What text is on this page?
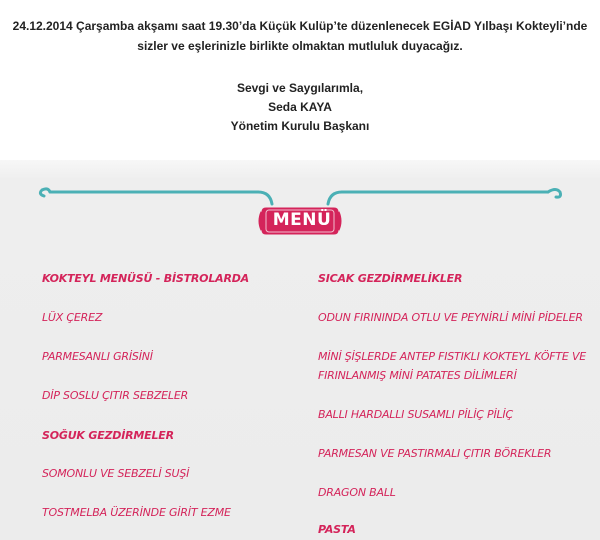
24.12.2014 Çarşamba akşamı saat 19.30’da Küçük Kulüp’te düzenlenecek EGİAD Yılbaşı Kokteyli’nde
sizler ve eşlerinizle birlikte olmaktan mutluluk duyacağız.
Sevgi ve Saygılarımla,
Seda KAYA
Yönetim Kurulu Başkanı
MENÜ
KOKTEYL MENÜSÜ - BİSTROLARDA
LÜX ÇEREZ
PARMESANLI GRİSİNİ
DİP SOSLU ÇITIR SEBZELER
SOĞUK GEZDİRMELER
SOMONLU VE SEBZELİ SUŞİ
TOSTMELBA ÜZERİNDE GİRİT EZME
SICAK GEZDİRMELİKLER
ODUN FIRININDA OTLU VE PEYNİRLİ MİNİ PİDELER
MİNİ ŞİŞLERDE ANTEP FISTIKLI KOKTEYL KÖFTE VE
FIRINLANMIŞ MİNİ PATATES DİLİMLERİ
BALLI HARDALLI SUSAMLI PİLİÇ PİLİÇ
PARMESAN VE PASTIRMALI ÇITIR BÖREKLER
DRAGON BALL
PASTA
